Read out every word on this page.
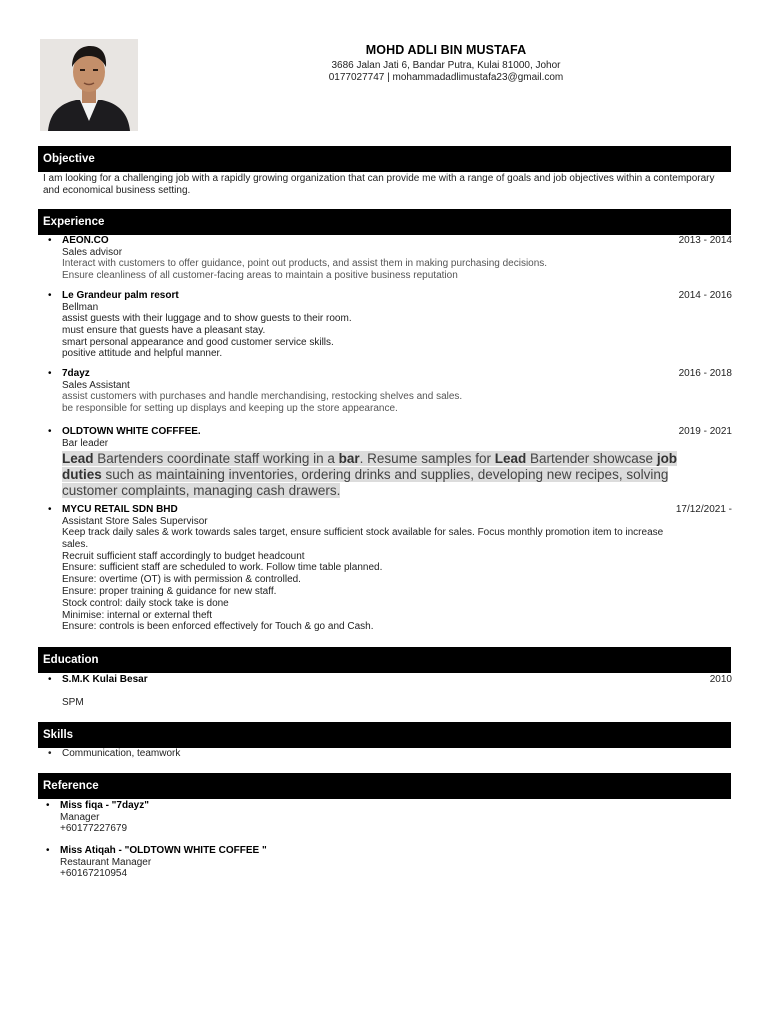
MOHD ADLI BIN MUSTAFA
3686 Jalan Jati 6, Bandar Putra, Kulai 81000, Johor
0177027747 | mohammadadlimustafa23@gmail.com
Objective
I am looking for a challenging job with a rapidly growing organization that can provide me with a range of goals and job objectives within a contemporary and economical business setting.
Experience
• AEON.CO	2013 - 2014
Sales advisor
Interact with customers to offer guidance, point out products, and assist them in making purchasing decisions.
Ensure cleanliness of all customer-facing areas to maintain a positive business reputation
• Le Grandeur palm resort	2014 - 2016
Bellman
assist guests with their luggage and to show guests to their room.
must ensure that guests have a pleasant stay.
smart personal appearance and good customer service skills.
positive attitude and helpful manner.
• 7dayz	2016 - 2018
Sales Assistant
assist customers with purchases and handle merchandising, restocking shelves and sales.
be responsible for setting up displays and keeping up the store appearance.
• OLDTOWN WHITE COFFFEE.	2019 - 2021
Bar leader
Lead Bartenders coordinate staff working in a bar. Resume samples for Lead Bartender showcase job
duties such as maintaining inventories, ordering drinks and supplies, developing new recipes, solving
customer complaints, managing cash drawers.
• MYCU RETAIL SDN BHD	17/12/2021 -
Assistant Store Sales Supervisor
Keep track daily sales & work towards sales target, ensure sufficient stock available for sales. Focus monthly promotion item to increase
sales.
Recruit sufficient staff accordingly to budget headcount
Ensure: sufficient staff are scheduled to work. Follow time table planned.
Ensure: overtime (OT) is with permission & controlled.
Ensure: proper training & guidance for new staff.
Stock control: daily stock take is done
Minimise: internal or external theft
Ensure: controls is been enforced effectively for Touch & go and Cash.
Education
• S.M.K Kulai Besar	2010
SPM
Skills
• Communication, teamwork
Reference
• Miss fiqa - "7dayz"
Manager
+60177227679
• Miss Atiqah - "OLDTOWN WHITE COFFEE "
Restaurant Manager
+60167210954
